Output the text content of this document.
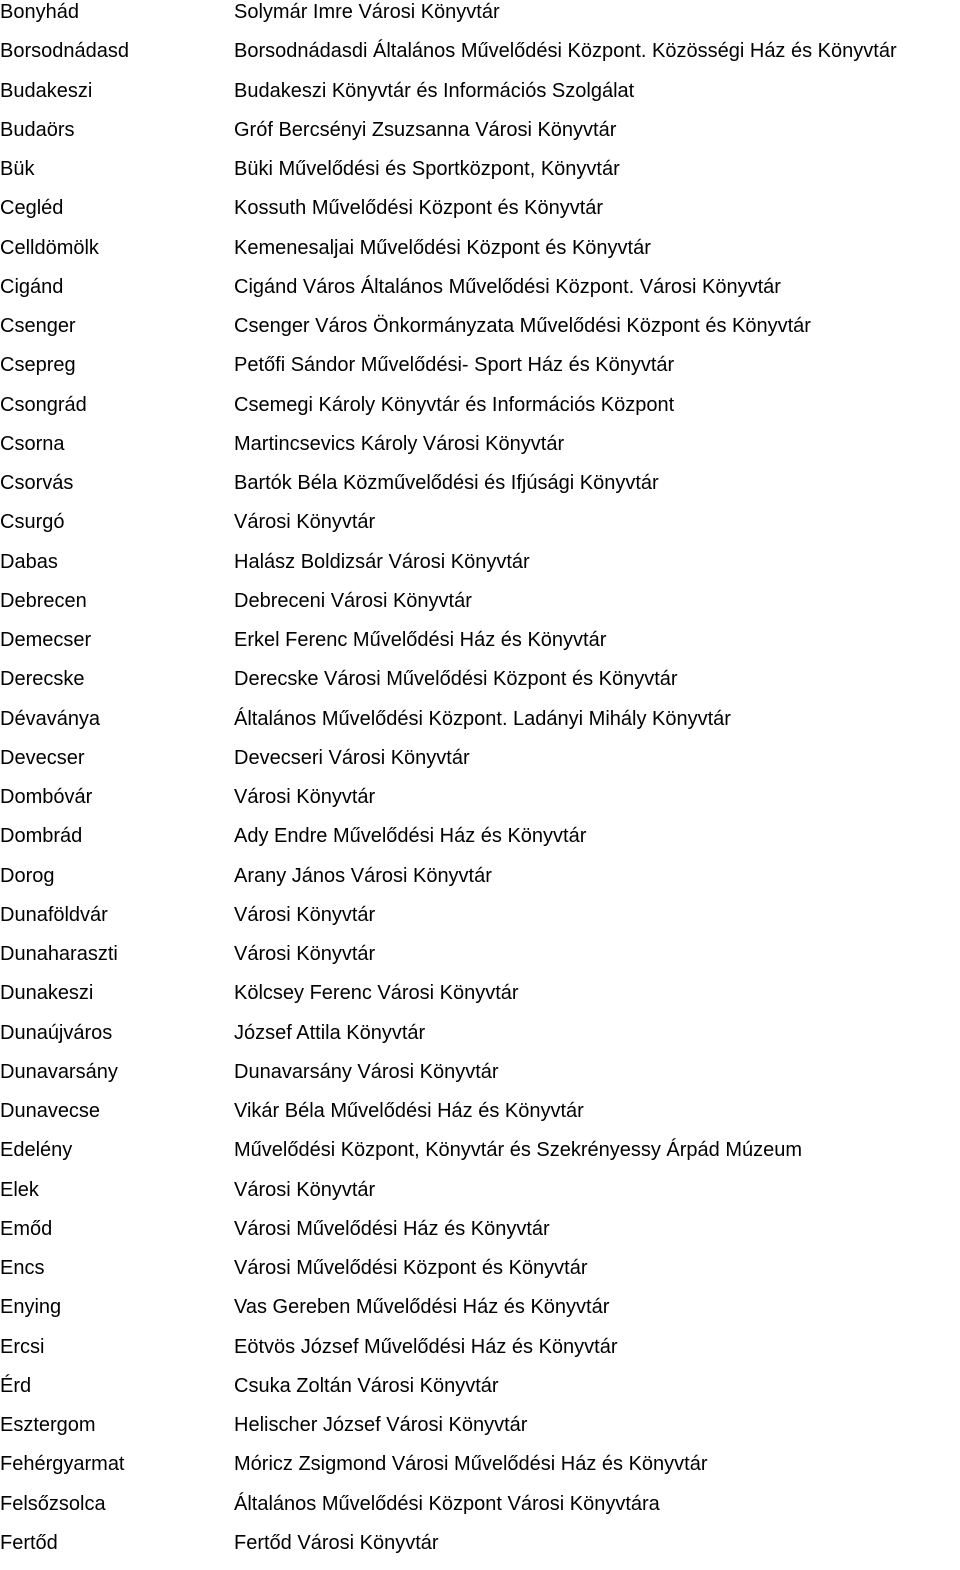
Bonyhád	Solymár Imre Városi Könyvtár
Borsodnádasd	Borsodnádasdi Általános Művelődési Központ. Közösségi Ház és Könyvtár
Budakeszi	Budakeszi Könyvtár és Információs Szolgálat
Budaörs	Gróf Bercsényi Zsuzsanna Városi Könyvtár
Bük	Büki Művelődési és Sportközpont, Könyvtár
Cegléd	Kossuth Művelődési Központ és Könyvtár
Celldömölk	Kemenesaljai Művelődési Központ és Könyvtár
Cigánd	Cigánd Város Általános Művelődési Központ. Városi Könyvtár
Csenger	Csenger Város Önkormányzata Művelődési Központ és Könyvtár
Csepreg	Petőfi Sándor Művelődési- Sport Ház és Könyvtár
Csongrád	Csemegi Károly Könyvtár és Információs Központ
Csorna	Martincsevics Károly Városi Könyvtár
Csorvás	Bartók Béla Közművelődési és Ifjúsági Könyvtár
Csurgó	Városi Könyvtár
Dabas	Halász Boldizsár Városi Könyvtár
Debrecen	Debreceni Városi Könyvtár
Demecser	Erkel Ferenc Művelődési Ház és Könyvtár
Derecske	Derecske Városi Művelődési Központ és Könyvtár
Dévaványa	Általános Művelődési Központ. Ladányi Mihály Könyvtár
Devecser	Devecseri Városi Könyvtár
Dombóvár	Városi Könyvtár
Dombrád	Ady Endre Művelődési Ház és Könyvtár
Dorog	Arany János Városi Könyvtár
Dunaföldvár	Városi Könyvtár
Dunaharaszti	Városi Könyvtár
Dunakeszi	Kölcsey Ferenc Városi Könyvtár
Dunaújváros	József Attila Könyvtár
Dunavarsány	Dunavarsány Városi Könyvtár
Dunavecse	Vikár Béla Művelődési Ház és Könyvtár
Edelény	Művelődési Központ, Könyvtár és Szekrényessy Árpád Múzeum
Elek	Városi Könyvtár
Emőd	Városi Művelődési Ház és Könyvtár
Encs	Városi Művelődési Központ és Könyvtár
Enying	Vas Gereben Művelődési Ház és Könyvtár
Ercsi	Eötvös József Művelődési Ház és Könyvtár
Érd	Csuka Zoltán Városi Könyvtár
Esztergom	Helischer József Városi Könyvtár
Fehérgyarmat	Móricz Zsigmond Városi Művelődési Ház és Könyvtár
Felsőzsolca	Általános Művelődési Központ Városi Könyvtára
Fertőd	Fertőd Városi Könyvtár
